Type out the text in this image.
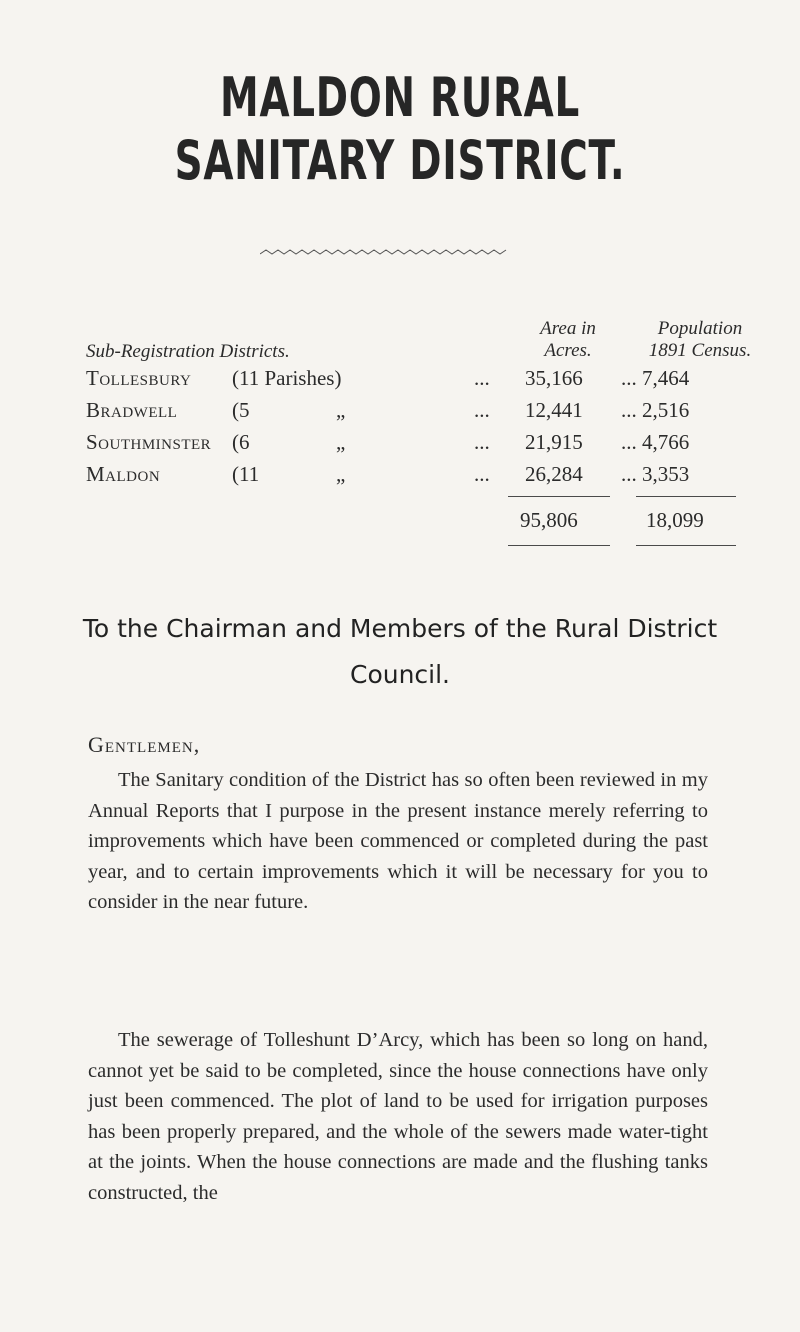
MALDON RURAL SANITARY DISTRICT.
Sub-Registration Districts.
Area in
Acres.
Population
1891 Census.
Tollesbury (11 Parishes)	... 35,166 ... 7,464
Bradwell	(5	„	... 12,441 ... 2,516
Southminster (6	„	... 21,915 ... 4,766
Maldon	(11	„	... 26,284 ... 3,353
95,806	18,099
To the Chairman and Members of the Rural District
Council.
Gentlemen,
The Sanitary condition of the District has so often been reviewed in my Annual Reports that I purpose in the present instance merely referring to improvements which have been commenced or completed during the past year, and to certain improvements which it will be necessary for you to consider in the near future.
The sewerage of Tolleshunt D’Arcy, which has been so long on hand, cannot yet be said to be completed, since the house connections have only just been commenced. The plot of land to be used for irrigation purposes has been properly prepared, and the whole of the sewers made water-tight at the joints. When the house connections are made and the flushing tanks constructed, the
